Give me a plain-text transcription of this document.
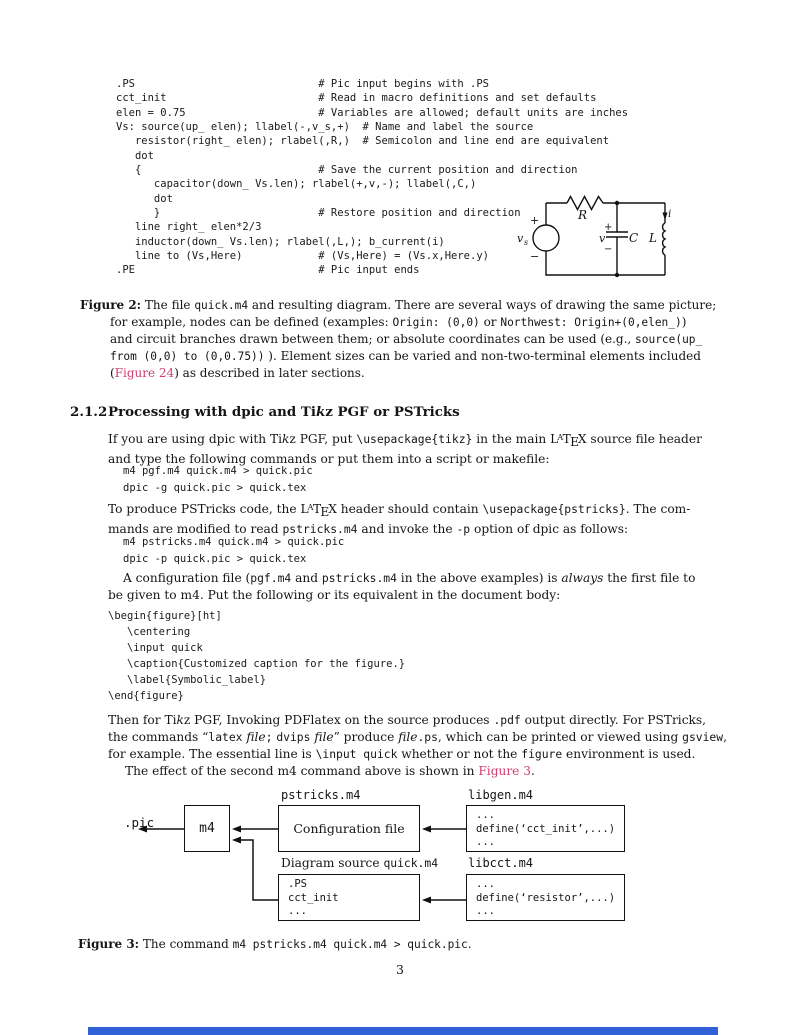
.PS                             # Pic input begins with .PS
cct_init                        # Read in macro definitions and set defaults
elen = 0.75                     # Variables are allowed; default units are inches
Vs: source(up_ elen); llabel(-,v_s,+)  # Name and label the source
resistor(right_ elen); rlabel(,R,)  # Semicolon and line end are equivalent
dot
{                            # Save the current position and direction
capacitor(down_ Vs.len); rlabel(+,v,-); llabel(,C,)
dot
}                         # Restore position and direction
line right_ elen*2/3
inductor(down_ Vs.len); rlabel(,L,); b_current(i)
line to (Vs,Here)            # (Vs,Here) = (Vs.x,Here.y)
.PE                             # Pic input ends
+
−
v s
R
+
v
−
C L
i
Figure 2: The file quick.m4 and resulting diagram. There are several ways of drawing the same picture;
for example, nodes can be defined (examples: Origin: (0,0) or Northwest: Origin+(0,elen_))
and circuit branches drawn between them; or absolute coordinates can be used (e.g., source(up_
from (0,0) to (0,0.75)) ). Element sizes can be varied and non-two-terminal elements included
(Figure 24) as described in later sections.
2.1.2Processing with dpic and Tikz PGF or PSTricks
If you are using dpic with Tikz PGF, put \usepackage{tikz} in the main $L^ATEX$ source file header
and type the following commands or put them into a script or makefile:
m4 pgf.m4 quick.m4 > quick.pic
dpic -g quick.pic > quick.tex
To produce PSTricks code, the $L^ATEX$ header should contain \usepackage{pstricks}. The com-
mands are modified to read pstricks.m4 and invoke the -p option of dpic as follows:
m4 pstricks.m4 quick.m4 > quick.pic
dpic -p quick.pic > quick.tex
A configuration file (pgf.m4 and pstricks.m4 in the above examples) is always the first file to
be given to m4. Put the following or its equivalent in the document body:
\begin{figure}[ht]
\centering
\input quick
\caption{Customized caption for the figure.}
\label{Symbolic_label}
\end{figure}
Then for Tikz PGF, Invoking PDFlatex on the source produces .pdf output directly. For PSTricks,
the commands “latex file; dvips file” produce file.ps, which can be printed or viewed using gsview,
for example. The essential line is \input quick whether or not the figure environment is used.
The effect of the second m4 command above is shown in Figure 3.
.pic	m4
pstricks.m4
Configuration file
libgen.m4
...
define(‘cct_init’,...)
...
Diagram source quick.m4
.PS
cct_init
...
libcct.m4
...
define(‘resistor’,...)
...
Figure 3: The command m4 pstricks.m4 quick.m4 > quick.pic.
3
